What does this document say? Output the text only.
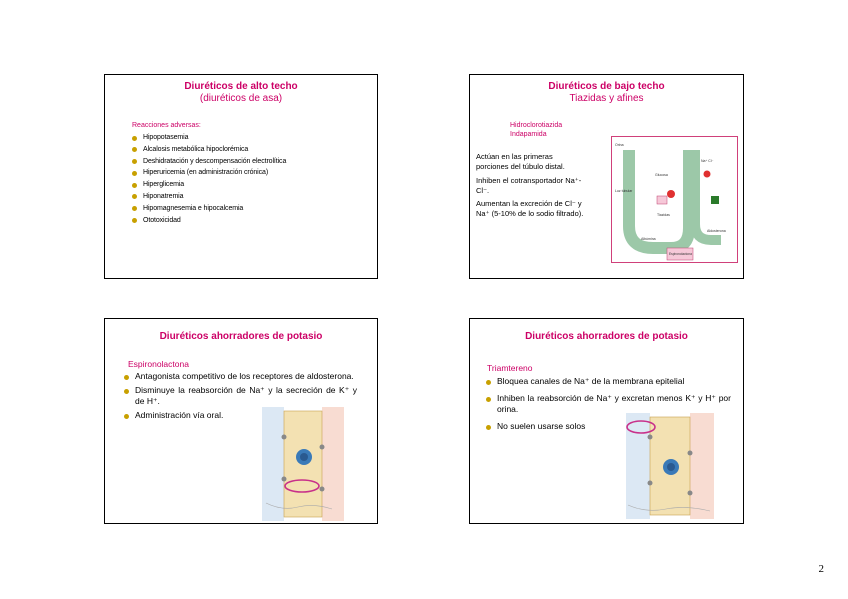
Diuréticos de alto techo
(diuréticos de asa)
Reacciones adversas:
Hipopotasemia
Alcalosis metabólica hipoclorémica
Deshidratación y descompensación electrolítica
Hiperuricemia (en administración crónica)
Hiperglicemia
Hiponatremia
Hipomagnesemia e hipocalcemia
Ototoxicidad
Diuréticos de bajo techo
Tiazidas y afines
Hidroclorotiazida
Indapamida
Actúan en las primeras porciones del túbulo distal.
Inhiben el cotransportador Na⁺-Cl⁻.
Aumentan la excreción de Cl⁻ y Na⁺ (5-10% de lo sodio filtrado).
Orina
Luz tubular
Na⁺ Cl⁻
Glucosa
Tiazidas
Albúmina
Aldosterona
Espironolactona
Diuréticos ahorradores de potasio
Espironolactona
Antagonista competitivo de los receptores de aldosterona.
Disminuye la reabsorción de Na⁺ y la secreción de K⁺ y de H⁺.
Administración vía oral.
Diuréticos ahorradores de potasio
Triamtereno
Bloquea canales de Na⁺ de la membrana epitelial
Inhiben la reabsorción de Na⁺ y excretan menos K⁺ y H⁺ por orina.
No suelen usarse solos
2
